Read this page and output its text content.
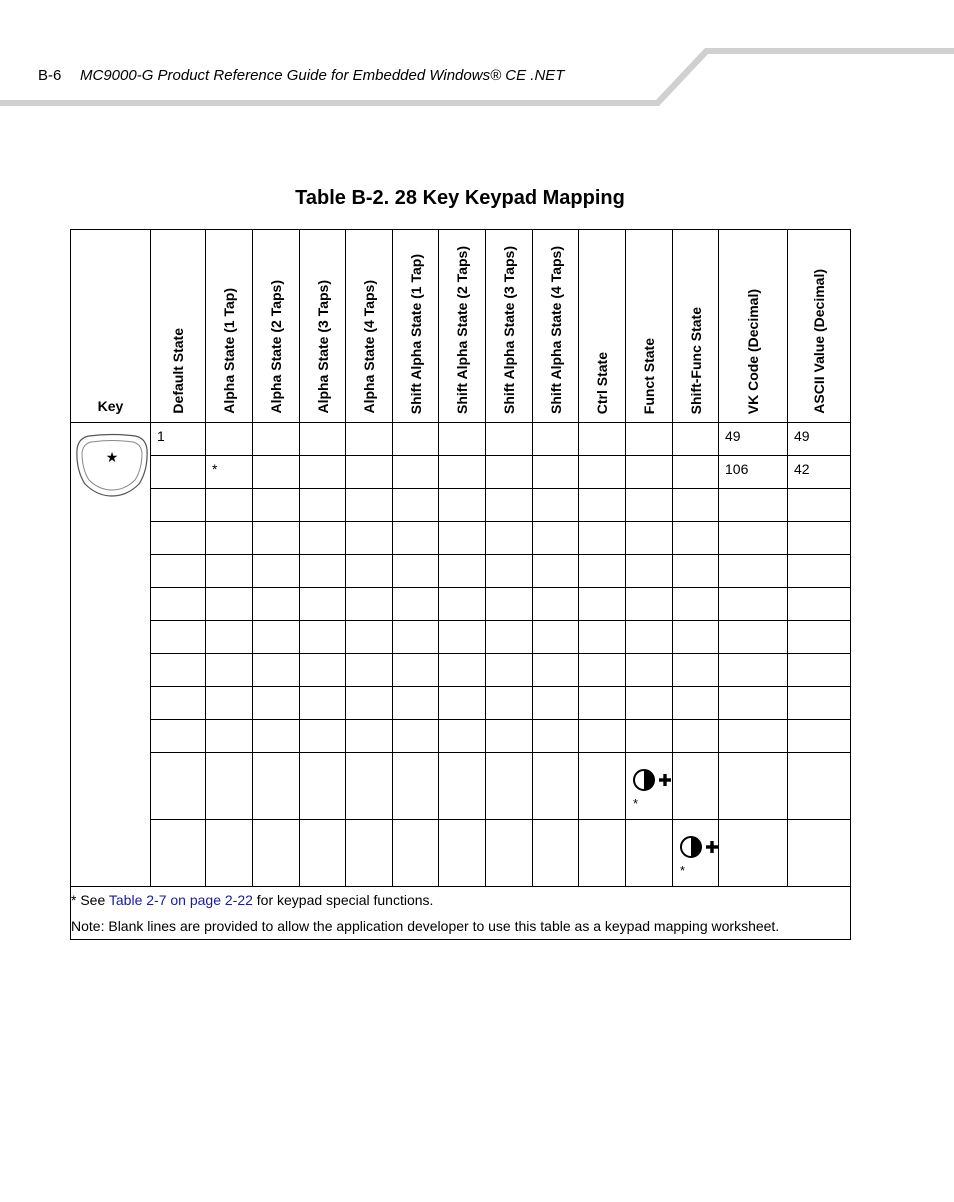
B-6 MC9000-G Product Reference Guide for Embedded Windows® CE .NET
Table B-2. 28 Key Keypad Mapping
Key	Default State	Alpha State (1 Tap)	Alpha State (2 Taps)	Alpha State (3 Taps)	Alpha State (4 Taps)	Shift Alpha State (1 Tap)	Shift Alpha State (2 Taps)	Shift Alpha State (3 Taps)	Shift Alpha State (4 Taps)	Ctrl State	Funct State	Shift-Func State	VK Code (Decimal)	ASCII Value (Decimal)

★	1												49	49

		*											106	42

											*			

												*		

* See Table 2-7 on page 2-22 for keypad special functions.
Note: Blank lines are provided to allow the application developer to use this table as a keypad mapping worksheet.														
